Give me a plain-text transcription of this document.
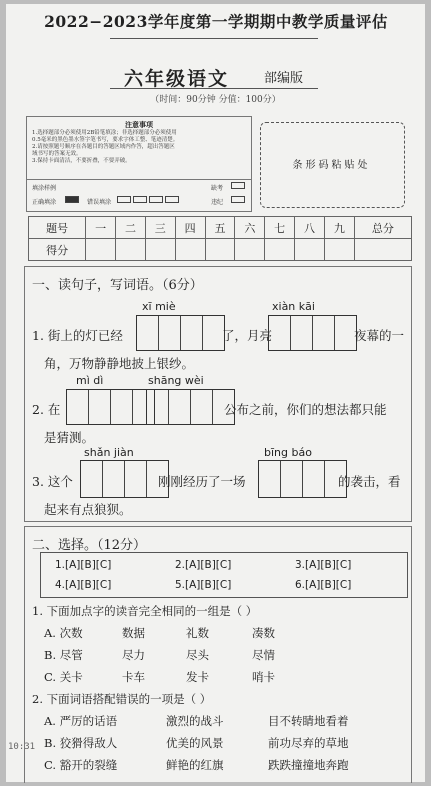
2022−2023学年度第一学期期中教学质量评估
六年级语文	部编版
（时间：90分钟 分值：100分）
注意事项
1.选择题部分必须使用2B铅笔填涂；非选择题部分必须使用
0.5毫米的黑色墨水签字笔书写，要求字体工整、笔迹清楚。
2.请按照题号顺序在各题目的答题区域内作答，超出答题区
域书写的答案无效。
3.保持卡面清洁，不要折叠，不要弄破。
填涂样例
正确填涂	错误填涂

缺考
违纪
条形码粘贴处
题号	一	二	三	四	五	六	七	八	九	总分
得分										
一、读句子，写词语。（6分）
xī miè	xiàn kāi
1. 街上的灯已经	了，月亮	夜幕的一
角，万物静静地披上银纱。
mì dì	shāng wèi
2. 在	公布之前，你们的想法都只能
是猜测。
shǎn jiàn	bīng báo
3. 这个	刚刚经历了一场	的袭击，看
起来有点狼狈。
二、选择。（12分）
1.[A][B][C]	2.[A][B][C]	3.[A][B][C]
4.[A][B][C]	5.[A][B][C]	6.[A][B][C]
1. 下面加点字的读音完全相同的一组是（ ）
A. 次数	数据	礼数	凑数
B. 尽管	尽力	尽头	尽情
C. 关卡	卡车	发卡	哨卡
2. 下面词语搭配错误的一项是（ ）
A. 严厉的话语	激烈的战斗	目不转睛地看着
B. 狡猾得敌人	优美的风景	前功尽弃的草地
C. 豁开的裂缝	鲜艳的红旗	跌跌撞撞地奔跑
10:31
